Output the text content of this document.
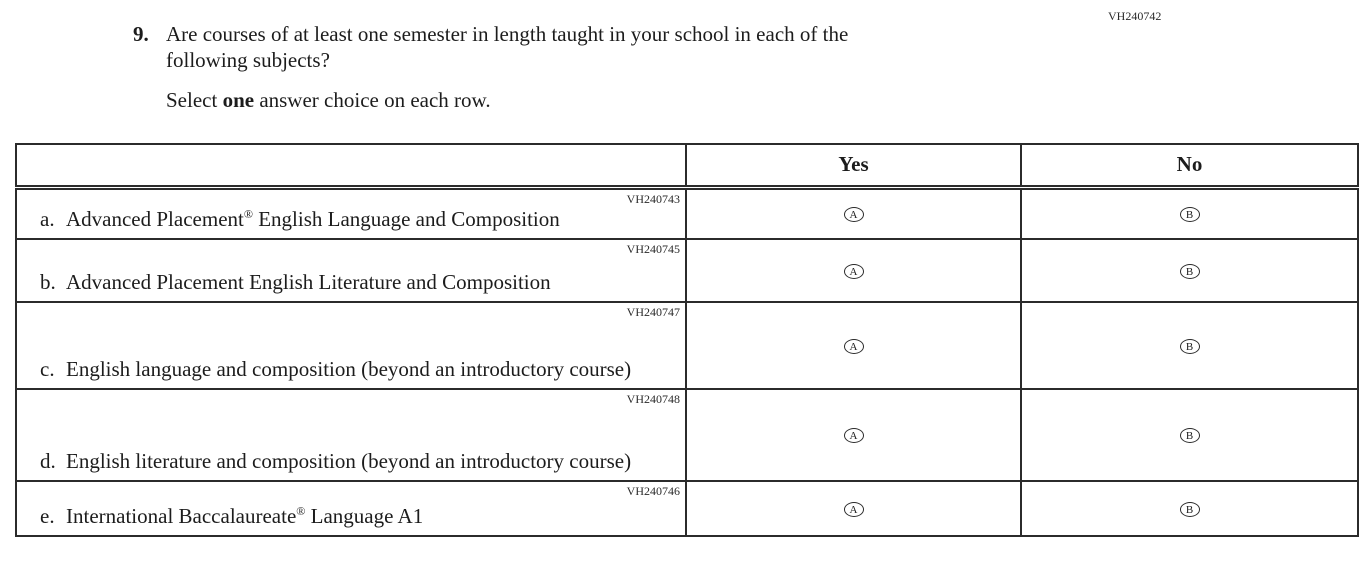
VH240742
9. Are courses of at least one semester in length taught in your school in each of the
following subjects?
Select one answer choice on each row.
	Yes	No

VH240743
a. Advanced Placement® English Language and Composition	A	B

VH240745
b. Advanced Placement English Literature and Composition	A	B

VH240747
c. English language and composition (beyond an introductory course)	A	B

VH240748
d. English literature and composition (beyond an introductory course)	A	B

VH240746
e. International Baccalaureate® Language A1	A	B
